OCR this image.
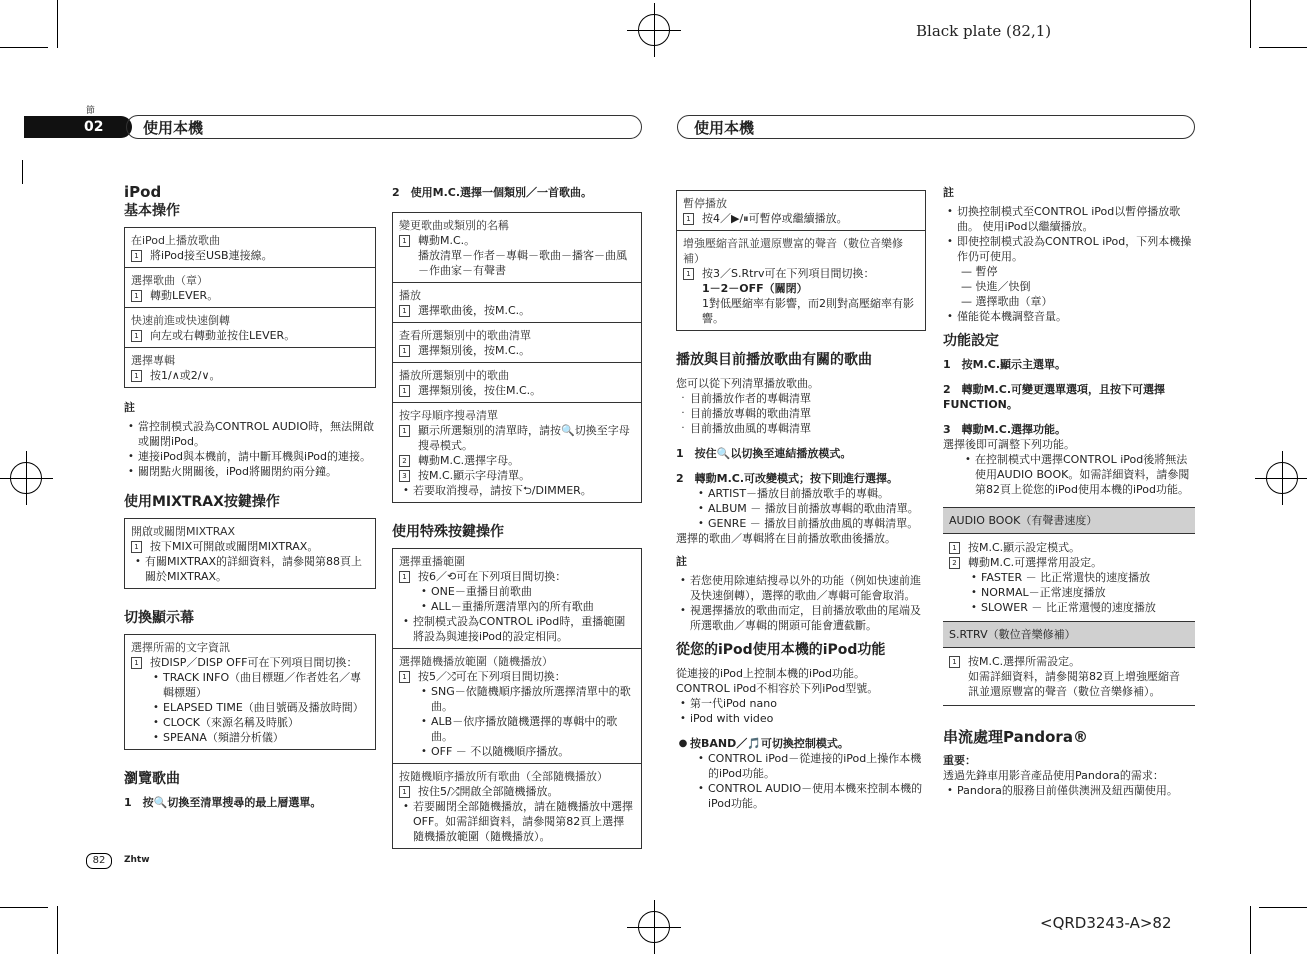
Black plate (82,1)
節
02	使用本機	使用本機
iPod
基本操作
在iPod上播放歌曲
1 將iPod接至USB連接線。
選擇歌曲（章）
1 轉動LEVER。
快速前進或快速倒轉
1 向左或右轉動並按住LEVER。
選擇專輯
1 按1/∧或2/∨。
註
• 當控制模式設為CONTROL AUDIO時，無法開啟或關閉iPod。
• 連接iPod與本機前，請中斷耳機與iPod的連接。
• 關閉點火開關後，iPod將關閉約兩分鐘。
使用MIXTRAX按鍵操作
開啟或關閉MIXTRAX
1 按下MIX可開啟或關閉MIXTRAX。
• 有關MIXTRAX的詳細資料，請參閱第88頁上關於MIXTRAX。
切換顯示幕
選擇所需的文字資訊
1 按DISP／DISP OFF可在下列項目間切換：
• TRACK INFO（曲目標題／作者姓名／專輯標題）
• ELAPSED TIME（曲目號碼及播放時間）
• CLOCK（來源名稱及時脈）
• SPEANA（頻譜分析儀）
瀏覽歌曲
1　按🔍切換至清單搜尋的最上層選單。
2　使用M.C.選擇一個類別／一首歌曲。
變更歌曲或類別的名稱
1 轉動M.C.。
播放清單－作者－專輯－歌曲－播客－曲風－作曲家－有聲書
播放
1 選擇歌曲後，按M.C.。
查看所選類別中的歌曲清單
1 選擇類別後，按M.C.。
播放所選類別中的歌曲
1 選擇類別後，按住M.C.。
按字母順序搜尋清單
1 顯示所選類別的清單時，請按🔍切換至字母搜尋模式。
2 轉動M.C.選擇字母。
3 按M.C.顯示字母清單。
• 若要取消搜尋，請按下⮌/DIMMER。
使用特殊按鍵操作
選擇重播範圍
1 按6／⟲可在下列項目間切換：
• ONE－重播目前歌曲
• ALL－重播所選清單內的所有歌曲
• 控制模式設為CONTROL iPod時，重播範圍將設為與連接iPod的設定相同。
選擇隨機播放範圍（隨機播放）
1 按5／⤮可在下列項目間切換：
• SNG－依隨機順序播放所選擇清單中的歌曲。
• ALB－依序播放隨機選擇的專輯中的歌曲。
• OFF － 不以隨機順序播放。
按隨機順序播放所有歌曲（全部隨機播放）
1 按住5/⤮開啟全部隨機播放。
• 若要關閉全部隨機播放，請在隨機播放中選擇OFF。如需詳細資料，請參閱第82頁上選擇隨機播放範圍（隨機播放）。
暫停播放
1 按4／▶/⏸可暫停或繼續播放。
增強壓縮音訊並還原豐富的聲音（數位音樂修補）
1 按3／S.Rtrv可在下列項目間切換：
1－2－OFF（關閉）
1對低壓縮率有影響，而2則對高壓縮率有影響。
播放與目前播放歌曲有關的歌曲
您可以從下列清單播放歌曲。
· 目前播放作者的專輯清單
· 目前播放專輯的歌曲清單
· 目前播放曲風的專輯清單
1　按住🔍以切換至連結播放模式。
2　轉動M.C.可改變模式；按下則進行選擇。
• ARTIST－播放目前播放歌手的專輯。
• ALBUM － 播放目前播放專輯的歌曲清單。
• GENRE － 播放目前播放曲風的專輯清單。
選擇的歌曲／專輯將在目前播放歌曲後播放。
註
• 若您使用除連結搜尋以外的功能（例如快速前進及快速倒轉），選擇的歌曲／專輯可能會取消。
• 視選擇播放的歌曲而定，目前播放歌曲的尾端及所選歌曲／專輯的開頭可能會遭截斷。
從您的iPod使用本機的iPod功能
從連接的iPod上控制本機的iPod功能。
CONTROL iPod不相容於下列iPod型號。
• 第一代iPod nano
• iPod with video
● 按BAND／🎵可切換控制模式。
• CONTROL iPod－從連接的iPod上操作本機的iPod功能。
• CONTROL AUDIO－使用本機來控制本機的iPod功能。
註
• 切換控制模式至CONTROL iPod以暫停播放歌曲。 使用iPod以繼續播放。
• 即使控制模式設為CONTROL iPod，下列本機操作仍可使用。
— 暫停
— 快進／快倒
— 選擇歌曲（章）
• 僅能從本機調整音量。
功能設定
1　按M.C.顯示主選單。
2　轉動M.C.可變更選單選項，且按下可選擇FUNCTION。
3　轉動M.C.選擇功能。
選擇後即可調整下列功能。
• 在控制模式中選擇CONTROL iPod後將無法使用AUDIO BOOK。如需詳細資料，請參閱第82頁上從您的iPod使用本機的iPod功能。
AUDIO BOOK（有聲書速度）
1 按M.C.顯示設定模式。
2 轉動M.C.可選擇常用設定。
• FASTER － 比正常還快的速度播放
• NORMAL－正常速度播放
• SLOWER － 比正常還慢的速度播放
S.RTRV（數位音樂修補）
1 按M.C.選擇所需設定。
如需詳細資料，請參閱第82頁上增強壓縮音訊並還原豐富的聲音（數位音樂修補）。
串流處理Pandora®
重要：
透過先鋒車用影音產品使用Pandora的需求：
• Pandora的服務目前僅供澳洲及紐西蘭使用。
82	Zhtw
<QRD3243-A>82
